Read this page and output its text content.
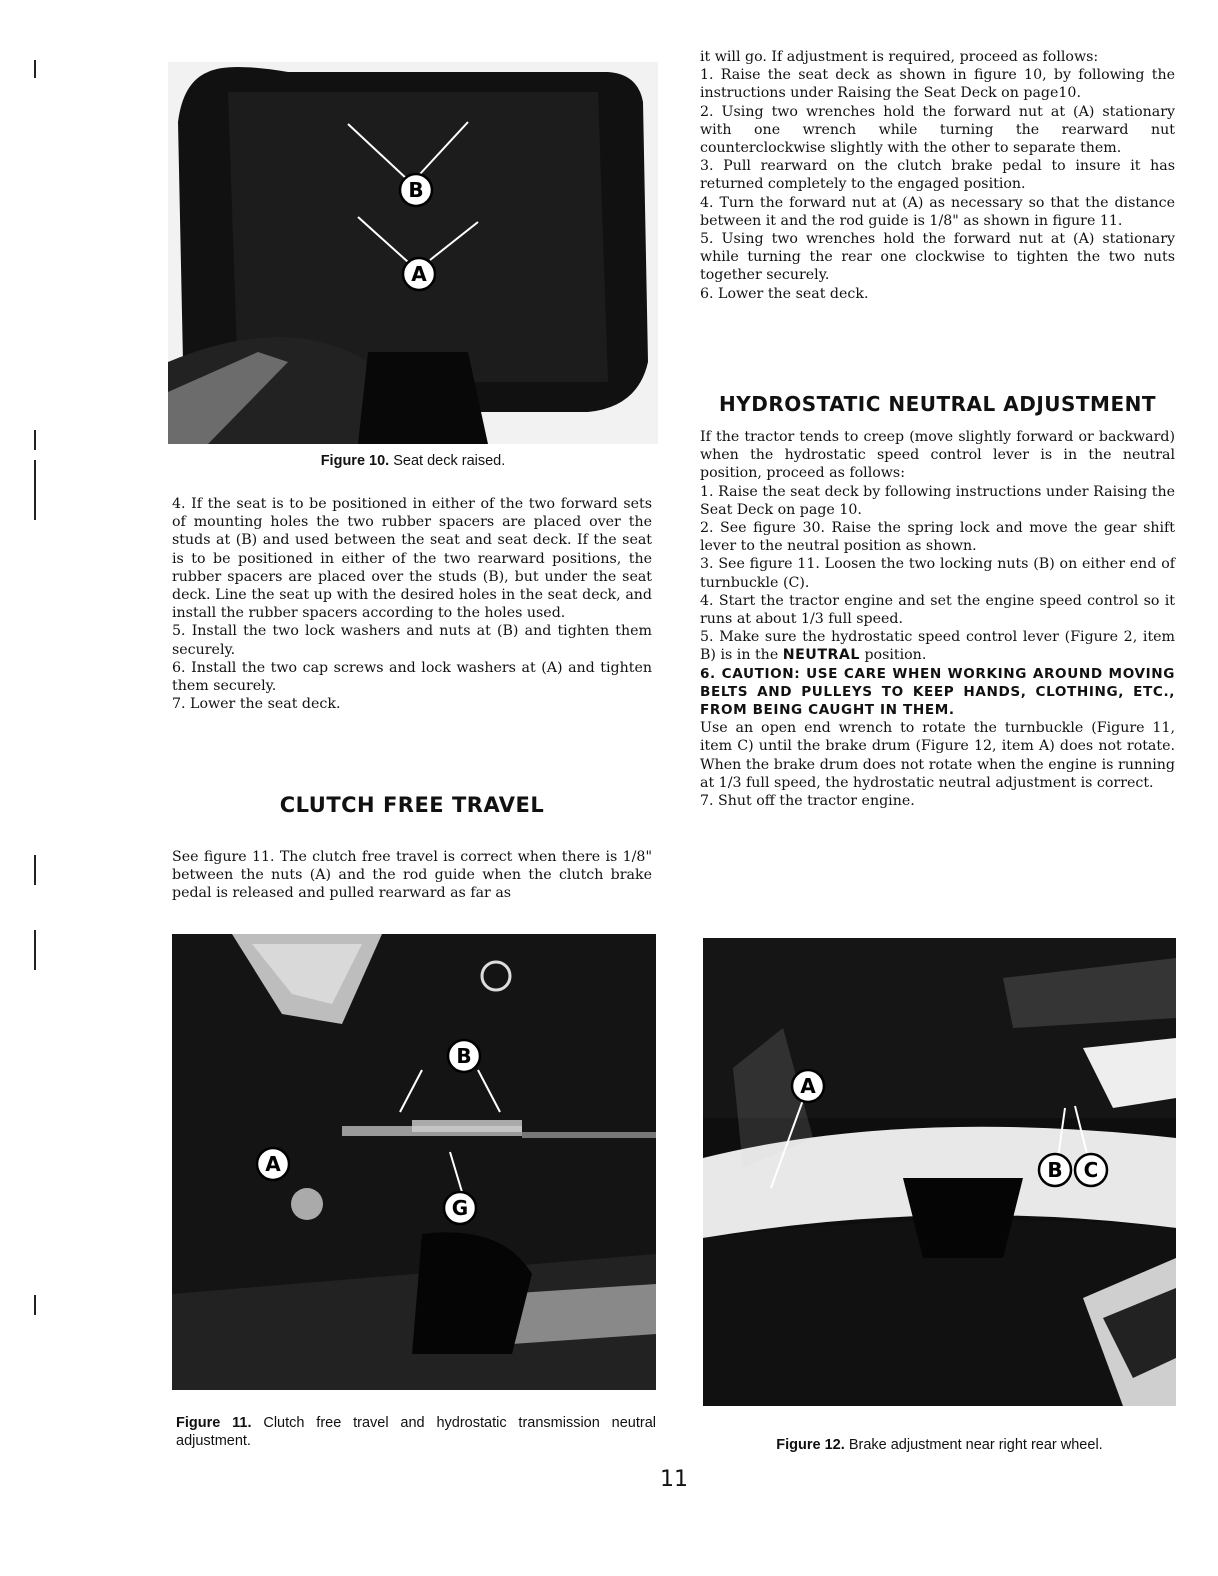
B
A
Figure 10. Seat deck raised.

4. If the seat is to be positioned in either of the two forward sets of mounting holes the two rubber spacers are placed over the studs at (B) and used between the seat and seat deck. If the seat is to be positioned in either of the two rearward positions, the rubber spacers are placed over the studs (B), but under the seat deck. Line the seat up with the desired holes in the seat deck, and install the rubber spacers according to the holes used.

5. Install the two lock washers and nuts at (B) and tighten them securely.

6. Install the two cap screws and lock washers at (A) and tighten them securely.

7. Lower the seat deck.

CLUTCH FREE TRAVEL
See figure 11. The clutch free travel is correct when there is 1/8" between the nuts (A) and the rod guide when the clutch brake pedal is released and pulled rearward as far as

it will go. If adjustment is required, proceed as follows:

1. Raise the seat deck as shown in figure 10, by following the instructions under Raising the Seat Deck on page10.

2. Using two wrenches hold the forward nut at (A) stationary with one wrench while turning the rearward nut counterclockwise slightly with the other to separate them.

3. Pull rearward on the clutch brake pedal to insure it has returned completely to the engaged position.

4. Turn the forward nut at (A) as necessary so that the distance between it and the rod guide is 1/8" as shown in figure 11.

5. Using two wrenches hold the forward nut at (A) stationary while turning the rear one clockwise to tighten the two nuts together securely.

6. Lower the seat deck.

HYDROSTATIC NEUTRAL ADJUSTMENT

If the tractor tends to creep (move slightly forward or backward) when the hydrostatic speed control lever is in the neutral position, proceed as follows:

1. Raise the seat deck by following instructions under Raising the Seat Deck on page 10.

2. See figure 30. Raise the spring lock and move the gear shift lever to the neutral position as shown.

3. See figure 11. Loosen the two locking nuts (B) on either end of turnbuckle (C).

4. Start the tractor engine and set the engine speed control so it runs at about 1/3 full speed.

5. Make sure the hydrostatic speed control lever (Figure 2, item B) is in the NEUTRAL position.

6. CAUTION: USE CARE WHEN WORKING AROUND MOVING BELTS AND PULLEYS TO KEEP HANDS, CLOTHING, ETC., FROM BEING CAUGHT IN THEM.

Use an open end wrench to rotate the turnbuckle (Figure 11, item C) until the brake drum (Figure 12, item A) does not rotate. When the brake drum does not rotate when the engine is running at 1/3 full speed, the hydrostatic neutral adjustment is correct.

7. Shut off the tractor engine.

B
A
G
Figure 11. Clutch free travel and hydrostatic transmission neutral adjustment.
A
B C
Figure 12. Brake adjustment near right rear wheel.
11
